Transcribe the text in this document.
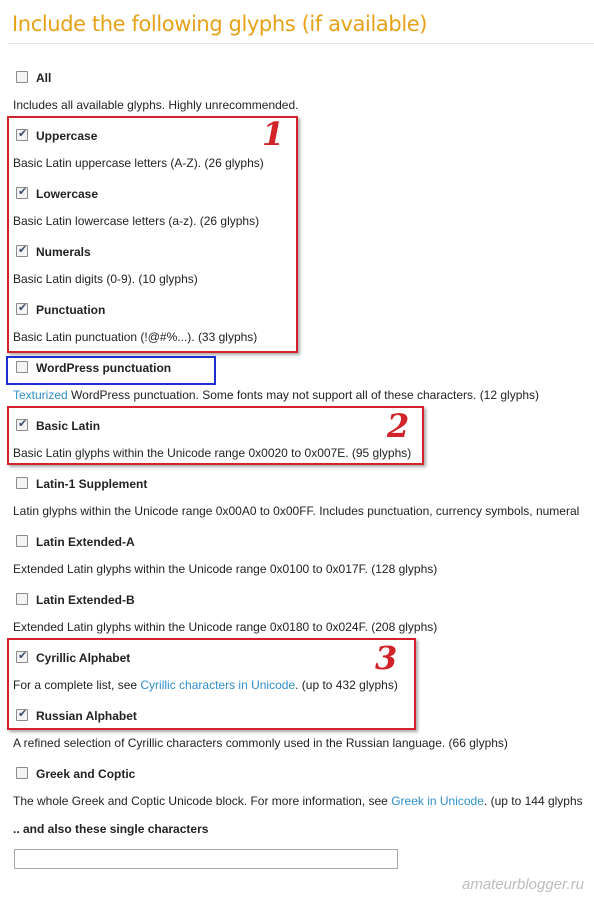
Include the following glyphs (if available)
All
Includes all available glyphs. Highly unrecommended.
✔
Uppercase
Basic Latin uppercase letters (A-Z). (26 glyphs)
✔
Lowercase
Basic Latin lowercase letters (a-z). (26 glyphs)
✔
Numerals
Basic Latin digits (0-9). (10 glyphs)
✔
Punctuation
Basic Latin punctuation (!@#%...). (33 glyphs)
WordPress punctuation
Texturized WordPress punctuation. Some fonts may not support all of these characters. (12 glyphs)
✔
Basic Latin
Basic Latin glyphs within the Unicode range 0x0020 to 0x007E. (95 glyphs)
Latin-1 Supplement
Latin glyphs within the Unicode range 0x00A0 to 0x00FF. Includes punctuation, currency symbols, numeral
Latin Extended-A
Extended Latin glyphs within the Unicode range 0x0100 to 0x017F. (128 glyphs)
Latin Extended-B
Extended Latin glyphs within the Unicode range 0x0180 to 0x024F. (208 glyphs)
✔
Cyrillic Alphabet
For a complete list, see Cyrillic characters in Unicode. (up to 432 glyphs)
✔
Russian Alphabet
A refined selection of Cyrillic characters commonly used in the Russian language. (66 glyphs)
Greek and Coptic
The whole Greek and Coptic Unicode block. For more information, see Greek in Unicode. (up to 144 glyphs
.. and also these single characters
1
2
3
amateurblogger.ru
